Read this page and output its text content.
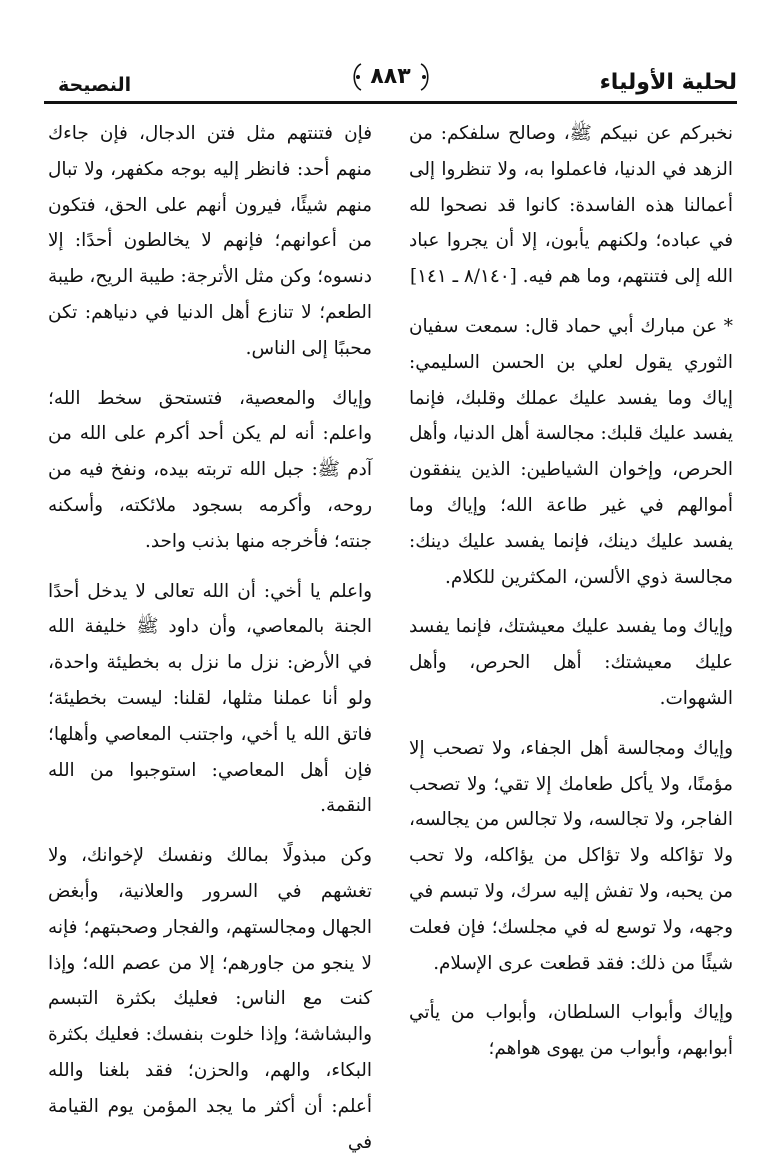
لحلية الأولياء
٨٨٣
النصيحة

نخبركم عن نبيكم ﷺ، وصالح سلفكم: من الزهد في الدنيا، فاعملوا به، ولا تنظروا إلى أعمالنا هذه الفاسدة: كانوا قد نصحوا لله في عباده؛ ولكنهم يأبون، إلا أن يجروا عباد الله إلى فتنتهم، وما هم فيه. [٨/١٤٠ ـ ١٤١]

* عن مبارك أبي حماد قال: سمعت سفيان الثوري يقول لعلي بن الحسن السليمي: إياك وما يفسد عليك عملك وقلبك، فإنما يفسد عليك قلبك: مجالسة أهل الدنيا، وأهل الحرص، وإخوان الشياطين: الذين ينفقون أموالهم في غير طاعة الله؛ وإياك وما يفسد عليك دينك، فإنما يفسد عليك دينك: مجالسة ذوي الألسن، المكثرين للكلام.

وإياك وما يفسد عليك معيشتك، فإنما يفسد عليك معيشتك: أهل الحرص، وأهل الشهوات.

وإياك ومجالسة أهل الجفاء، ولا تصحب إلا مؤمنًا، ولا يأكل طعامك إلا تقي؛ ولا تصحب الفاجر، ولا تجالسه، ولا تجالس من يجالسه، ولا تؤاكله ولا تؤاكل من يؤاكله، ولا تحب من يحبه، ولا تفش إليه سرك، ولا تبسم في وجهه، ولا توسع له في مجلسك؛ فإن فعلت شيئًا من ذلك: فقد قطعت عرى الإسلام.

وإياك وأبواب السلطان، وأبواب من يأتي أبوابهم، وأبواب من يهوى هواهم؛

فإن فتنتهم مثل فتن الدجال، فإن جاءك منهم أحد: فانظر إليه بوجه مكفهر، ولا تبال منهم شيئًا، فيرون أنهم على الحق، فتكون من أعوانهم؛ فإنهم لا يخالطون أحدًا: إلا دنسوه؛ وكن مثل الأترجة: طيبة الريح، طيبة الطعم؛ لا تنازع أهل الدنيا في دنياهم: تكن محببًا إلى الناس.

وإياك والمعصية، فتستحق سخط الله؛ واعلم: أنه لم يكن أحد أكرم على الله من آدم ﷺ: جبل الله تربته بيده، ونفخ فيه من روحه، وأكرمه بسجود ملائكته، وأسكنه جنته؛ فأخرجه منها بذنب واحد.

واعلم يا أخي: أن الله تعالى لا يدخل أحدًا الجنة بالمعاصي، وأن داود ﷺ خليفة الله في الأرض: نزل ما نزل به بخطيئة واحدة، ولو أنا عملنا مثلها، لقلنا: ليست بخطيئة؛ فاتق الله يا أخي، واجتنب المعاصي وأهلها؛ فإن أهل المعاصي: استوجبوا من الله النقمة.

وكن مبذولًا بمالك ونفسك لإخوانك، ولا تغشهم في السرور والعلانية، وأبغض الجهال ومجالستهم، والفجار وصحبتهم؛ فإنه لا ينجو من جاورهم؛ إلا من عصم الله؛ وإذا كنت مع الناس: فعليك بكثرة التبسم والبشاشة؛ وإذا خلوت بنفسك: فعليك بكثرة البكاء، والهم، والحزن؛ فقد بلغنا والله أعلم: أن أكثر ما يجد المؤمن يوم القيامة في
